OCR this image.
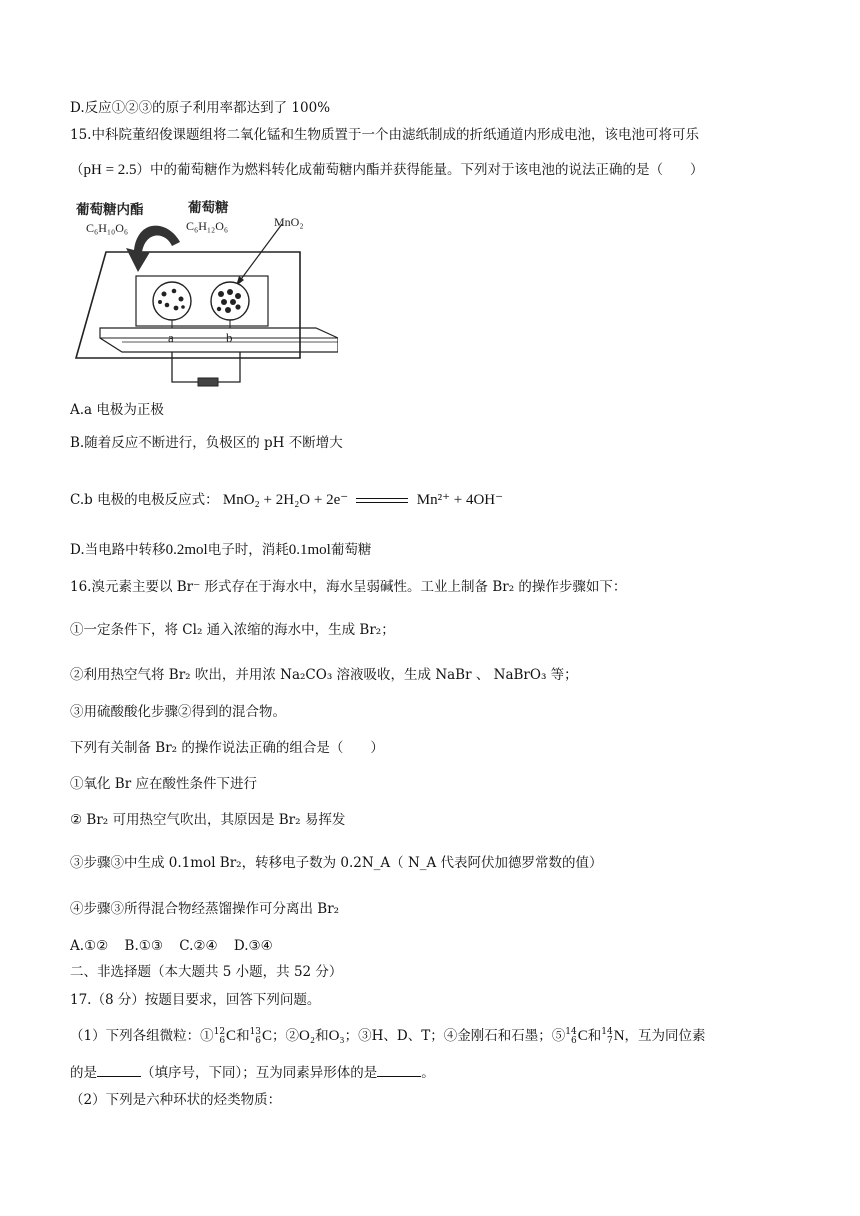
D.反应①②③的原子利用率都达到了 100%
15.中科院董绍俊课题组将二氧化锰和生物质置于一个由滤纸制成的折纸通道内形成电池，该电池可将可乐
（pH = 2.5）中的葡萄糖作为燃料转化成葡萄糖内酯并获得能量。下列对于该电池的说法正确的是（　　）
葡萄糖内酯
C₆H₁₀O₆
葡萄糖
C₆H₁₂O₆	MnO₂
a	b
A.a 电极为正极
B.随着反应不断进行，负极区的 pH 不断增大
C.b 电极的电极反应式： MnO₂ + 2H₂O + 2e⁻	Mn²⁺ + 4OH⁻
D.当电路中转移0.2mol电子时，消耗0.1mol葡萄糖
16.溴元素主要以 Br⁻ 形式存在于海水中，海水呈弱碱性。工业上制备 Br₂ 的操作步骤如下：
①一定条件下，将 Cl₂ 通入浓缩的海水中，生成 Br₂；
②利用热空气将 Br₂ 吹出，并用浓 Na₂CO₃ 溶液吸收，生成 NaBr 、 NaBrO₃ 等；
③用硫酸酸化步骤②得到的混合物。
下列有关制备 Br₂ 的操作说法正确的组合是（　　）
①氧化 Br 应在酸性条件下进行
② Br₂ 可用热空气吹出，其原因是 Br₂ 易挥发
③步骤③中生成 0.1mol Br₂，转移电子数为 0.2N_A（ N_A 代表阿伏加德罗常数的值）
④步骤③所得混合物经蒸馏操作可分离出 Br₂
A.①② B.①③ C.②④ D.③④
二、非选择题（本大题共 5 小题，共 52 分）
17.（8 分）按题目要求，回答下列问题。
（1）下列各组微粒：① 12
6 C和 13
6 C；②O₂和O₃；③H、D、T；④金刚石和石墨；⑤ 14
6 C和 14
7 N，互为同位素
的是	（填序号，下同）；互为同素异形体的是	。
（2）下列是六种环状的烃类物质：
